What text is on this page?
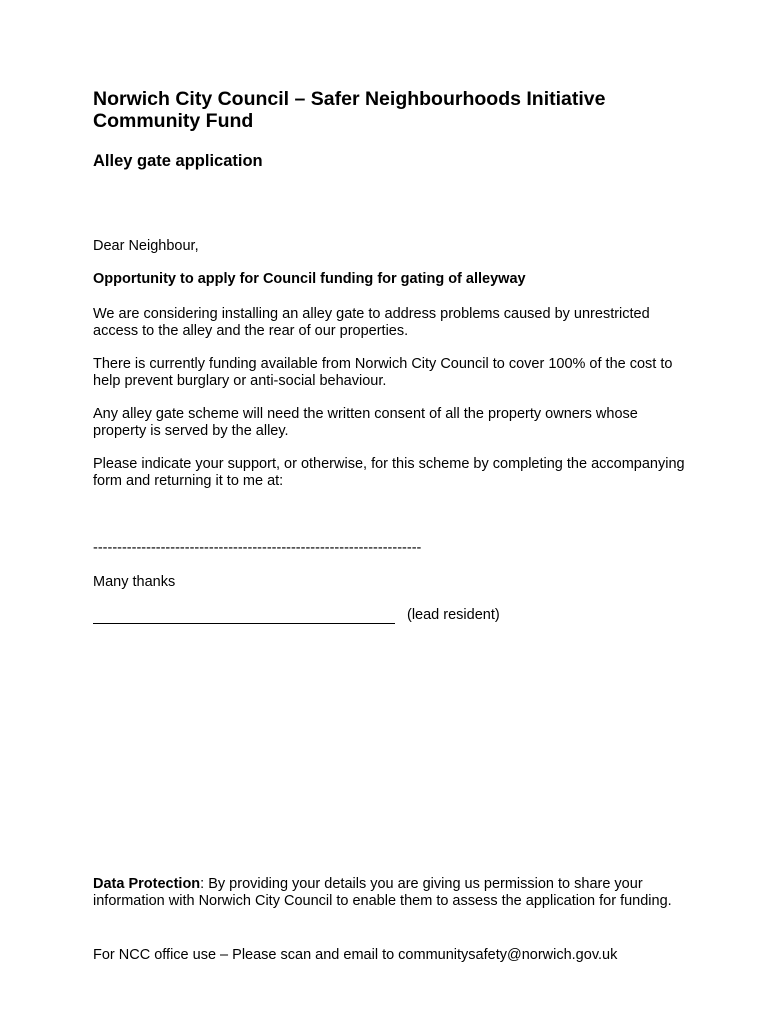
Norwich City Council – Safer Neighbourhoods Initiative Community Fund
Alley gate application

Dear Neighbour,

Opportunity to apply for Council funding for gating of alleyway

We are considering installing an alley gate to address problems caused by unrestricted access to the alley and the rear of our properties.

There is currently funding available from Norwich City Council to cover 100% of the cost to help prevent burglary or anti-social behaviour.

Any alley gate scheme will need the written consent of all the property owners whose property is served by the alley.

Please indicate your support, or otherwise, for this scheme by completing the accompanying form and returning it to me at:

--------------------------------------------------------------------

Many thanks

(lead resident)

Data Protection: By providing your details you are giving us permission to share your information with Norwich City Council to enable them to assess the application for funding.

For NCC office use – Please scan and email to communitysafety@norwich.gov.uk
